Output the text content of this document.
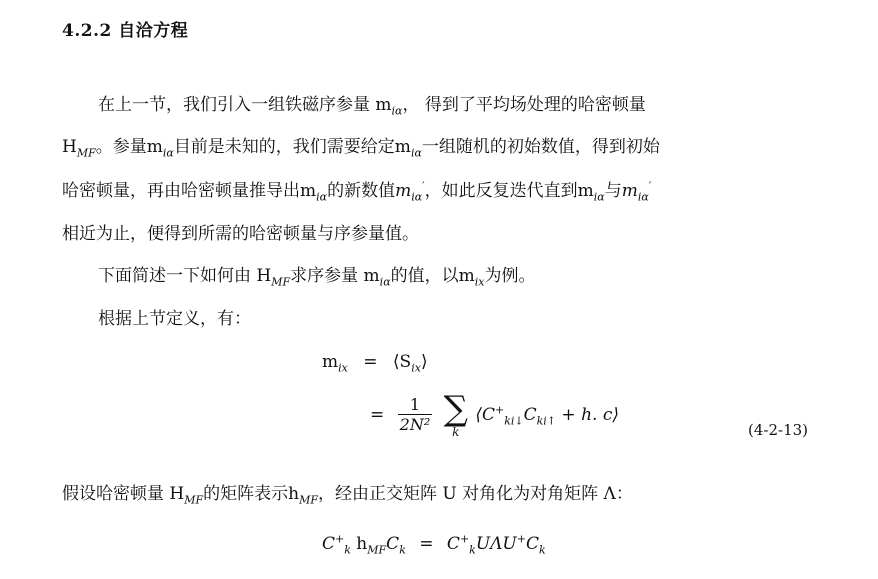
4.2.2 自洽方程
在上一节，我们引入一组铁磁序参量 $m_{i\alpha}$， 得到了平均场处理的哈密顿量
$H_{MF}$。参量$m_{i\alpha}$目前是未知的，我们需要给定$m_{i\alpha}$一组随机的初始数值，得到初始
哈密顿量，再由哈密顿量推导出$m_{i\alpha}$的新数值$m_{i\alpha}'$，如此反复迭代直到$m_{i\alpha}$与$m_{i\alpha}'$
相近为止，便得到所需的哈密顿量与序参量值。
下面简述一下如何由 $H_{MF}$求序参量 $m_{i\alpha}$的值，以$m_{ix}$为例。
根据上节定义，有：
$m_{ix}$ = $⟨S_{ix}⟩$
= $\frac{1}{\text{2N²}}$
∑
k
$⟨C^+_{ki↓}C_{ki↑} + h$. c⟩
(4-2-13)
假设哈密顿量 $H_{MF}$的矩阵表示$h_{MF}$，经由正交矩阵 U 对角化为对角矩阵 Λ：
$C^+_k$ $h_{MF}C_k = C^+_kU\Lambda U^+C_k$
